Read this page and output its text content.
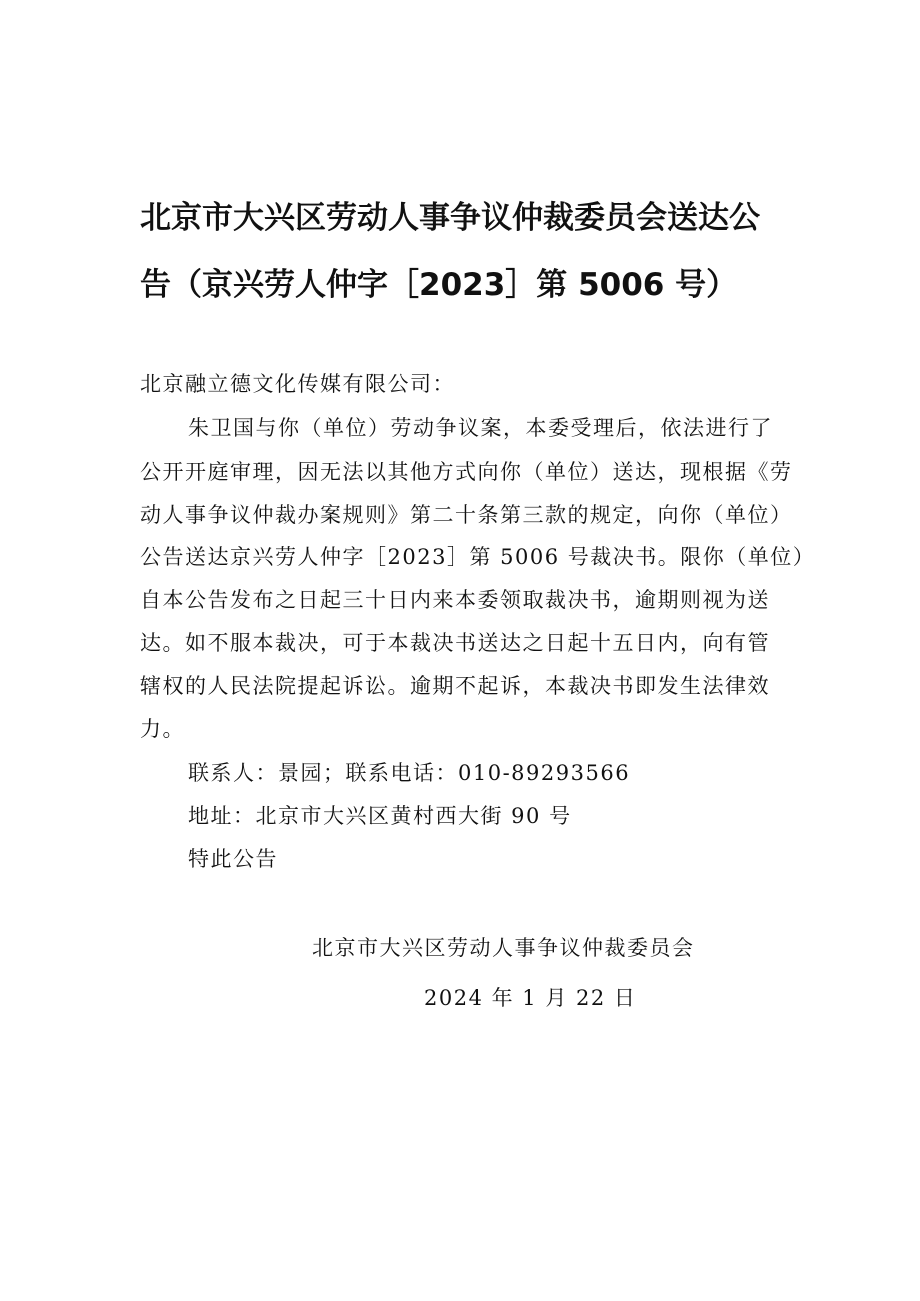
北京市大兴区劳动人事争议仲裁委员会送达公
告（京兴劳人仲字［2023］第 5006 号）
北京融立德文化传媒有限公司：
朱卫国与你（单位）劳动争议案，本委受理后，依法进行了
公开开庭审理，因无法以其他方式向你（单位）送达，现根据《劳
动人事争议仲裁办案规则》第二十条第三款的规定，向你（单位）
公告送达京兴劳人仲字［2023］第 5006 号裁决书。限你（单位）
自本公告发布之日起三十日内来本委领取裁决书，逾期则视为送
达。如不服本裁决，可于本裁决书送达之日起十五日内，向有管
辖权的人民法院提起诉讼。逾期不起诉，本裁决书即发生法律效
力。
联系人：景园；联系电话：010-89293566
地址：北京市大兴区黄村西大街 90 号
特此公告
北京市大兴区劳动人事争议仲裁委员会
2024 年 1 月 22 日
